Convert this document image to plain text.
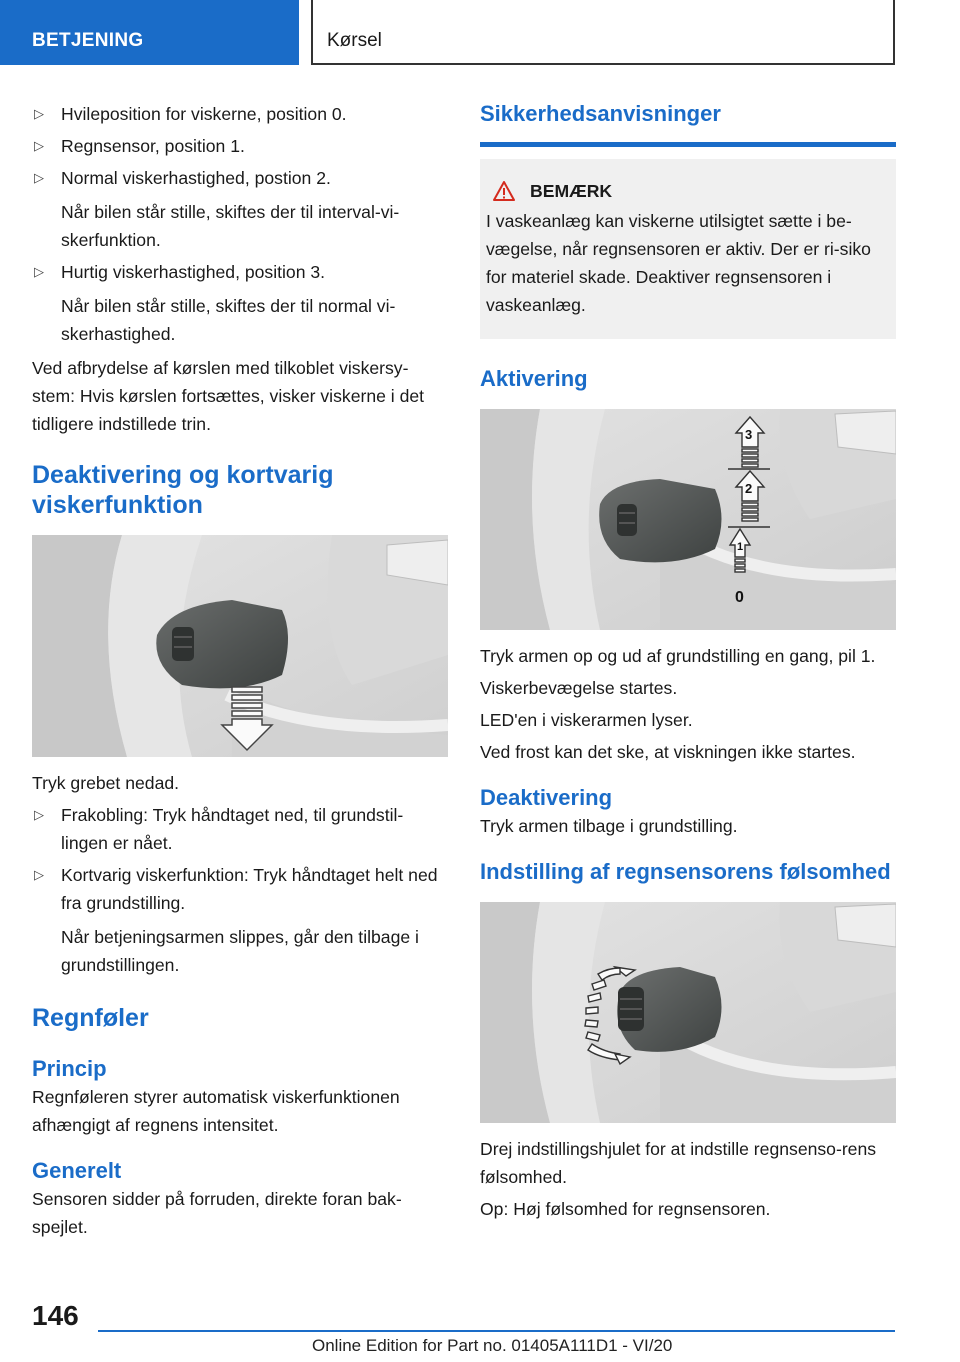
BETJENING	Kørsel
▷ Hvileposition for viskerne, position 0.

▷ Regnsensor, position 1.

▷ Normal viskerhastighed, postion 2.

Når bilen står stille, skiftes der til interval-vi-skerfunktion.

▷ Hurtig viskerhastighed, position 3.

Når bilen står stille, skiftes der til normal vi-skerhastighed.

Ved afbrydelse af kørslen med tilkoblet viskersy-stem: Hvis kørslen fortsættes, visker viskerne i det tidligere indstillede trin.

Deaktivering og kortvarig viskerfunktion

Tryk grebet nedad.

▷ Frakobling: Tryk håndtaget ned, til grundstil-lingen er nået.

▷ Kortvarig viskerfunktion: Tryk håndtaget helt ned fra grundstilling.

Når betjeningsarmen slippes, går den tilbage i grundstillingen.

Regnføler
Princip

Regnføleren styrer automatisk viskerfunktionen afhængigt af regnens intensitet.

Generelt

Sensoren sidder på forruden, direkte foran bak-spejlet.

Sikkerhedsanvisninger
BEMÆRK

I vaskeanlæg kan viskerne utilsigtet sætte i be-vægelse, når regnsensoren er aktiv. Der er ri-siko for materiel skade. Deaktiver regnsensoren i vaskeanlæg.

Aktivering
3
2
1
0

Tryk armen op og ud af grundstilling en gang, pil 1.

Viskerbevægelse startes.

LED'en i viskerarmen lyser.

Ved frost kan det ske, at viskningen ikke startes.

Deaktivering

Tryk armen tilbage i grundstilling.

Indstilling af regnsensorens følsomhed

Drej indstillingshjulet for at indstille regnsenso-rens følsomhed.

Op: Høj følsomhed for regnsensoren.

146
Online Edition for Part no. 01405A111D1 - VI/20
